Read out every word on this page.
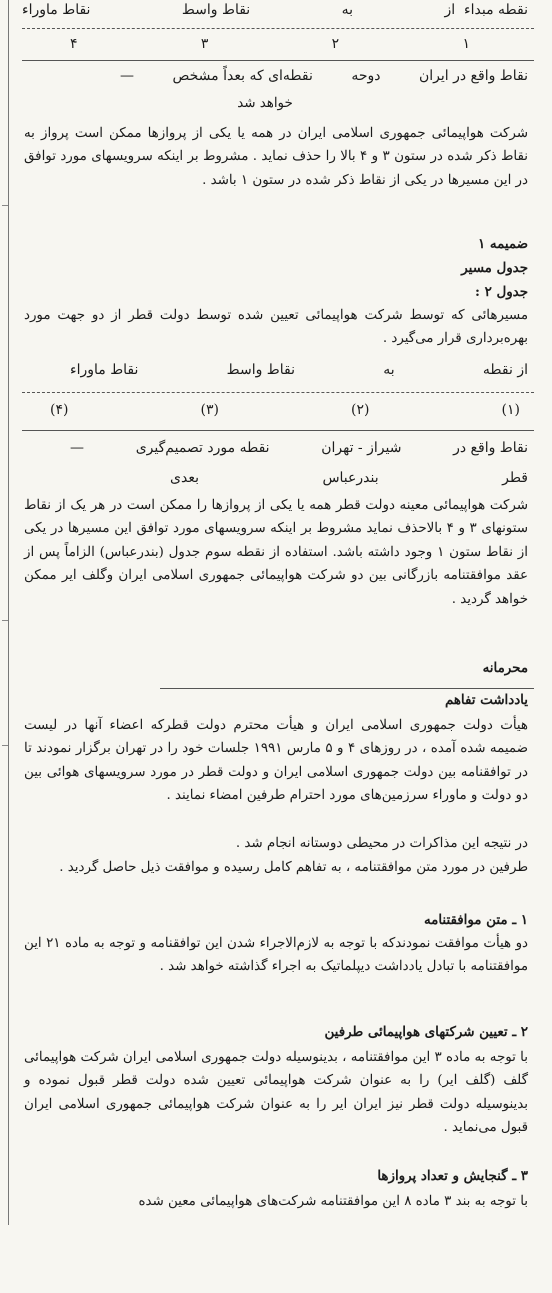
نقطه مبداء  از
به
نقاط واسط
نقاط ماوراء
۱
۲
۳
۴
نقاط واقع در ایران
دوحه
نقطه‌ای که بعداً مشخص
—
خواهد شد
شرکت هواپیمائی جمهوری اسلامی ایران در همه یا یکی از پروازها ممکن است پرواز به نقاط ذکر شده در ستون ۳ و ۴ بالا را حذف نماید . مشروط بر اینکه سرویسهای مورد توافق در این مسیرها در یکی از نقاط ذکر شده در ستون ۱ باشد .
ضمیمه ۱
جدول مسیر
جدول ۲ :
مسیرهائی که توسط شرکت هواپیمائی تعیین شده توسط دولت قطر از دو جهت مورد بهره‌برداری قرار می‌گیرد .
از نقطه
به
نقاط واسط
نقاط ماوراء
(۱)
(۲)
(۳)
(۴)
نقاط واقع در
شیراز - تهران
نقطه مورد تصمیم‌گیری
—
قطر
بندرعباس
بعدی
شرکت هواپیمائی معینه دولت قطر همه یا یکی از پروازها را ممکن است در هر یک از نقاط ستونهای ۳ و ۴ بالاحذف نماید مشروط بر اینکه سرویسهای مورد توافق این مسیرها در یکی از نقاط ستون ۱ وجود داشته باشد. استفاده از نقطه سوم جدول (بندرعباس) الزاماً پس از عقد موافقتنامه بازرگانی بین دو شرکت هواپیمائی جمهوری اسلامی ایران وگلف ایر ممکن خواهد گردید .
محرمانه
یادداشت تفاهم
هیأت دولت جمهوری اسلامی ایران و هیأت محترم دولت قطرکه اعضاء آنها در لیست ضمیمه شده آمده ، در روزهای ۴ و ۵ مارس ۱۹۹۱ جلسات خود را در تهران برگزار نمودند تا در توافقنامه بین دولت جمهوری اسلامی ایران و دولت قطر در مورد سرویسهای هوائی بین دو دولت و ماوراء سرزمین‌های مورد احترام طرفین امضاء نمایند .
در نتیجه این مذاکرات در محیطی دوستانه انجام شد .
طرفین در مورد متن موافقتنامه ، به تفاهم کامل رسیده و موافقت ذیل حاصل گردید .
۱ ـ متن موافقتنامه
دو هیأت موافقت نمودندکه با توجه به لازم‌الاجراء شدن این توافقنامه و توجه به ماده ۲۱ این موافقتنامه با تبادل یادداشت دیپلماتیک به اجراء گذاشته خواهد شد .
۲ ـ تعیین شرکتهای هواپیمائی طرفین
با توجه به ماده ۳ این موافقتنامه ، بدینوسیله دولت جمهوری اسلامی ایران شرکت هواپیمائی گلف (گلف ایر) را به عنوان شرکت هواپیمائی تعیین شده دولت قطر قبول نموده و بدینوسیله دولت قطر نیز ایران ایر را به عنوان شرکت هواپیمائی جمهوری اسلامی ایران قبول می‌نماید .
۳ ـ گنجایش و تعداد پروازها
با توجه به بند ۳ ماده ۸ این موافقتنامه شرکت‌های هواپیمائی معین شده
